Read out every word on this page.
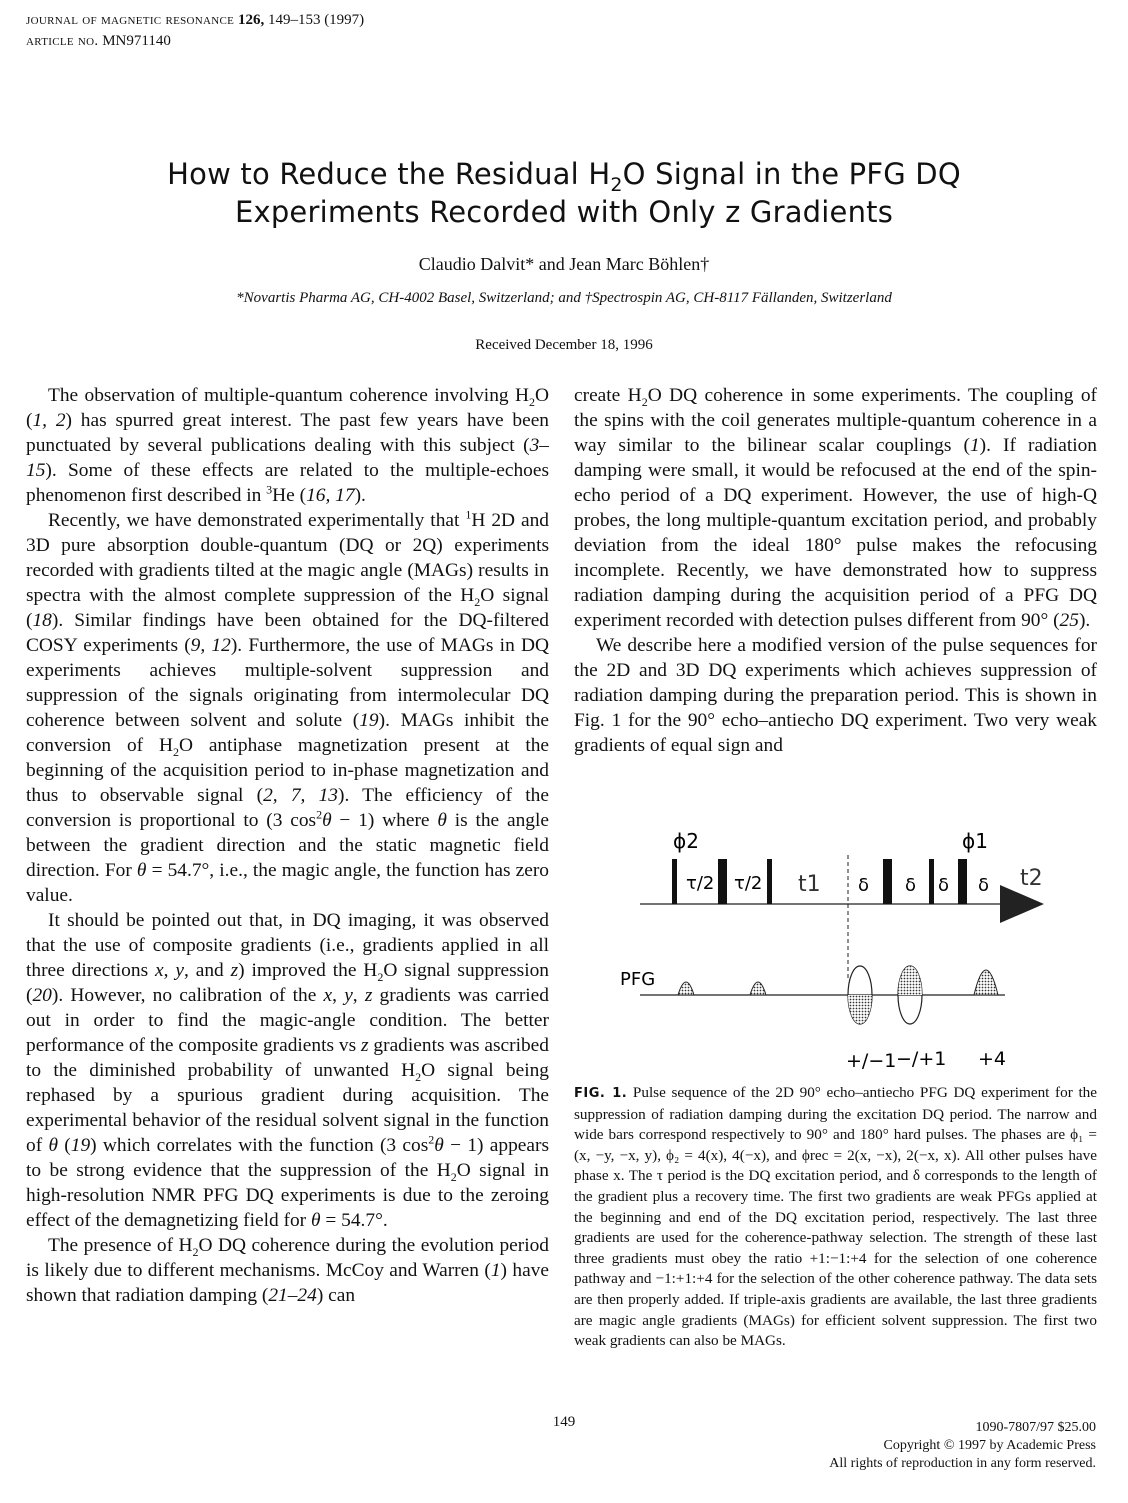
journal of magnetic resonance 126, 149–153 (1997)
article no. MN971140
How to Reduce the Residual $H_2O$ Signal in the PFG DQ
Experiments Recorded with Only z Gradients
Claudio Dalvit* and Jean Marc Böhlen†
*Novartis Pharma AG, CH-4002 Basel, Switzerland; and †Spectrospin AG, CH-8117 Fällanden, Switzerland
Received December 18, 1996

The observation of multiple-quantum coherence involving $H_2O$ (1, 2) has spurred great interest. The past few years have been punctuated by several publications dealing with this subject (3–15). Some of these effects are related to the multiple-echoes phenomenon first described in $^3$He (16, 17).

Recently, we have demonstrated experimentally that $^1$H 2D and 3D pure absorption double-quantum (DQ or 2Q) experiments recorded with gradients tilted at the magic angle (MAGs) results in spectra with the almost complete suppression of the $H_2O$ signal (18). Similar findings have been obtained for the DQ-filtered COSY experiments (9, 12). Furthermore, the use of MAGs in DQ experiments achieves multiple-solvent suppression and suppression of the signals originating from intermolecular DQ coherence between solvent and solute (19). MAGs inhibit the conversion of $H_2O$ antiphase magnetization present at the beginning of the acquisition period to in-phase magnetization and thus to observable signal (2, 7, 13). The efficiency of the conversion is proportional to (3 $\cos^2\theta - 1$) where θ is the angle between the gradient direction and the static magnetic field direction. For θ = 54.7°, i.e., the magic angle, the function has zero value.

It should be pointed out that, in DQ imaging, it was observed that the use of composite gradients (i.e., gradients applied in all three directions x, y, and z) improved the $H_2O$ signal suppression (20). However, no calibration of the x, y, z gradients was carried out in order to find the magic-angle condition. The better performance of the composite gradients vs z gradients was ascribed to the diminished probability of unwanted $H_2O$ signal being rephased by a spurious gradient during acquisition. The experimental behavior of the residual solvent signal in the function of θ (19) which correlates with the function (3 $\cos^2\theta - 1$) appears to be strong evidence that the suppression of the $H_2O$ signal in high-resolution NMR PFG DQ experiments is due to the zeroing effect of the demagnetizing field for θ = 54.7°.

The presence of $H_2O$ DQ coherence during the evolution period is likely due to different mechanisms. McCoy and Warren (1) have shown that radiation damping (21–24) can

create $H_2O$ DQ coherence in some experiments. The coupling of the spins with the coil generates multiple-quantum coherence in a way similar to the bilinear scalar couplings (1). If radiation damping were small, it would be refocused at the end of the spin-echo period of a DQ experiment. However, the use of high-Q probes, the long multiple-quantum excitation period, and probably deviation from the ideal 180° pulse makes the refocusing incomplete. Recently, we have demonstrated how to suppress radiation damping during the acquisition period of a PFG DQ experiment recorded with detection pulses different from 90° (25).

We describe here a modified version of the pulse sequences for the 2D and 3D DQ experiments which achieves suppression of radiation damping during the preparation period. This is shown in Fig. 1 for the 90° echo–antiecho DQ experiment. Two very weak gradients of equal sign and

ϕ2	ϕ1
τ/2 τ/2 t1 δ δ δ δ t2
PFG
+/−1 −/+1 +4
FIG. 1. Pulse sequence of the 2D 90° echo–antiecho PFG DQ experiment for the suppression of radiation damping during the excitation DQ period. The narrow and wide bars correspond respectively to 90° and 180° hard pulses. The phases are ϕ₁ = (x, −y, −x, y), ϕ₂ = 4(x), 4(−x), and ϕrec = 2(x, −x), 2(−x, x). All other pulses have phase x. The τ period is the DQ excitation period, and δ corresponds to the length of the gradient plus a recovery time. The first two gradients are weak PFGs applied at the beginning and end of the DQ excitation period, respectively. The last three gradients are used for the coherence-pathway selection. The strength of these last three gradients must obey the ratio +1:−1:+4 for the selection of one coherence pathway and −1:+1:+4 for the selection of the other coherence pathway. The data sets are then properly added. If triple-axis gradients are available, the last three gradients are magic angle gradients (MAGs) for efficient solvent suppression. The first two weak gradients can also be MAGs.
149	1090-7807/97 $25.00
Copyright © 1997 by Academic Press
All rights of reproduction in any form reserved.
